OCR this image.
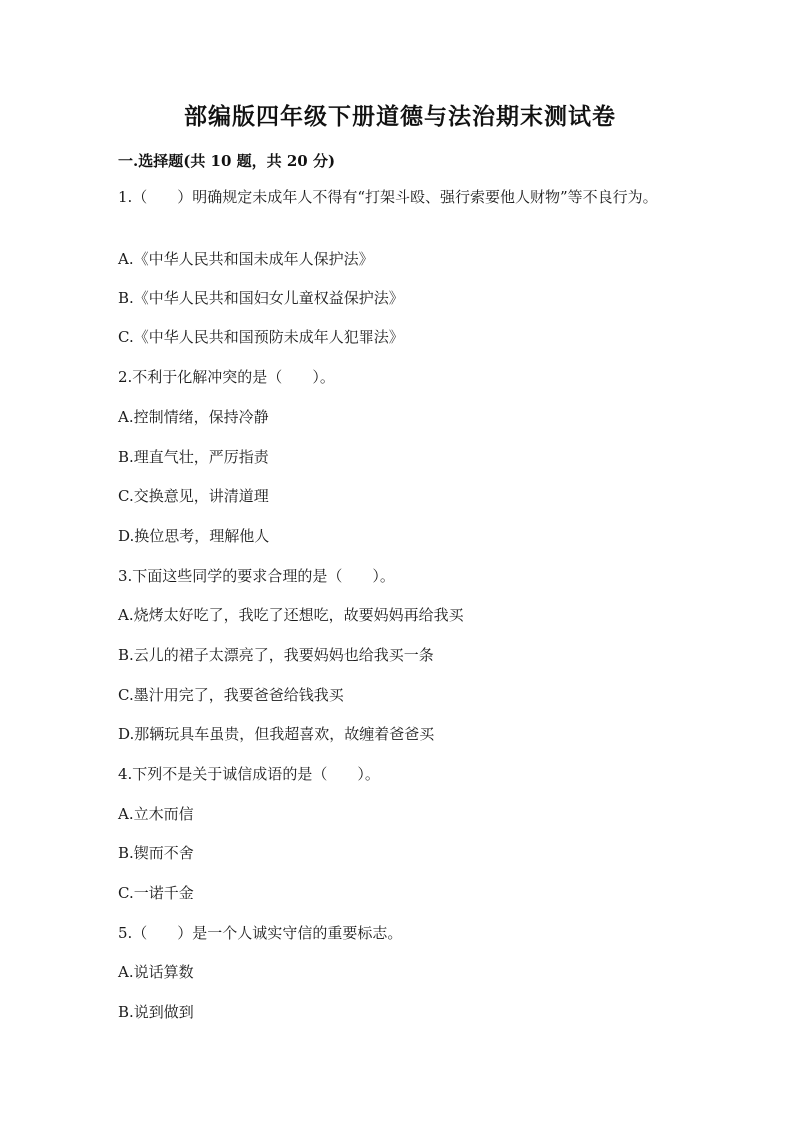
部编版四年级下册道德与法治期末测试卷
一.选择题(共 10 题，共 20 分)
1.（　　）明确规定未成年人不得有“打架斗殴、强行索要他人财物”等不良行为。
A.《中华人民共和国未成年人保护法》
B.《中华人民共和国妇女儿童权益保护法》
C.《中华人民共和国预防未成年人犯罪法》
2.不利于化解冲突的是（　　）。
A.控制情绪，保持冷静
B.理直气壮，严厉指责
C.交换意见，讲清道理
D.换位思考，理解他人
3.下面这些同学的要求合理的是（　　）。
A.烧烤太好吃了，我吃了还想吃，故要妈妈再给我买
B.云儿的裙子太漂亮了，我要妈妈也给我买一条
C.墨汁用完了，我要爸爸给钱我买
D.那辆玩具车虽贵，但我超喜欢，故缠着爸爸买
4.下列不是关于诚信成语的是（　　）。
A.立木而信
B.锲而不舍
C.一诺千金
5.（　　）是一个人诚实守信的重要标志。
A.说话算数
B.说到做到
